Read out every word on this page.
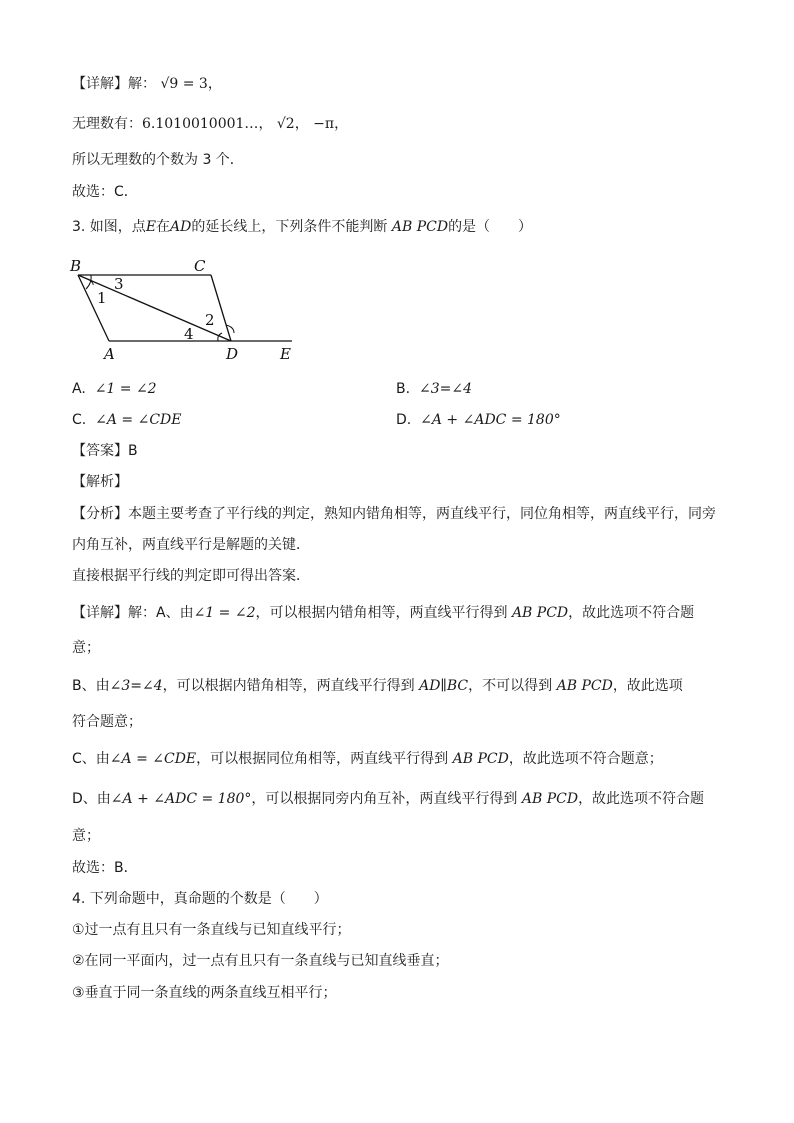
【详解】解： √9 = 3，
无理数有：6.1010010001…， √2， −π，
所以无理数的个数为 3 个．
故选：C．
3. 如图，点E在AD的延长线上，下列条件不能判断 AB PCD的是（　　）
B	C
A	D	E
1
2
3
4
A. ∠1 = ∠2	B. ∠3=∠4
C. ∠A = ∠CDE	D. ∠A + ∠ADC = 180°
【答案】B
【解析】
【分析】本题主要考查了平行线的判定，熟知内错角相等，两直线平行，同位角相等，两直线平行，同旁
内角互补，两直线平行是解题的关键．
直接根据平行线的判定即可得出答案．
【详解】解：A、由∠1 = ∠2，可以根据内错角相等，两直线平行得到 AB PCD，故此选项不符合题
意；
B、由∠3=∠4，可以根据内错角相等，两直线平行得到 AD∥BC，不可以得到 AB PCD，故此选项
符合题意；
C、由∠A = ∠CDE，可以根据同位角相等，两直线平行得到 AB PCD，故此选项不符合题意；
D、由∠A + ∠ADC = 180°，可以根据同旁内角互补，两直线平行得到 AB PCD，故此选项不符合题
意；
故选：B．
4. 下列命题中，真命题的个数是（　　）
①过一点有且只有一条直线与已知直线平行；
②在同一平面内，过一点有且只有一条直线与已知直线垂直；
③垂直于同一条直线的两条直线互相平行；
